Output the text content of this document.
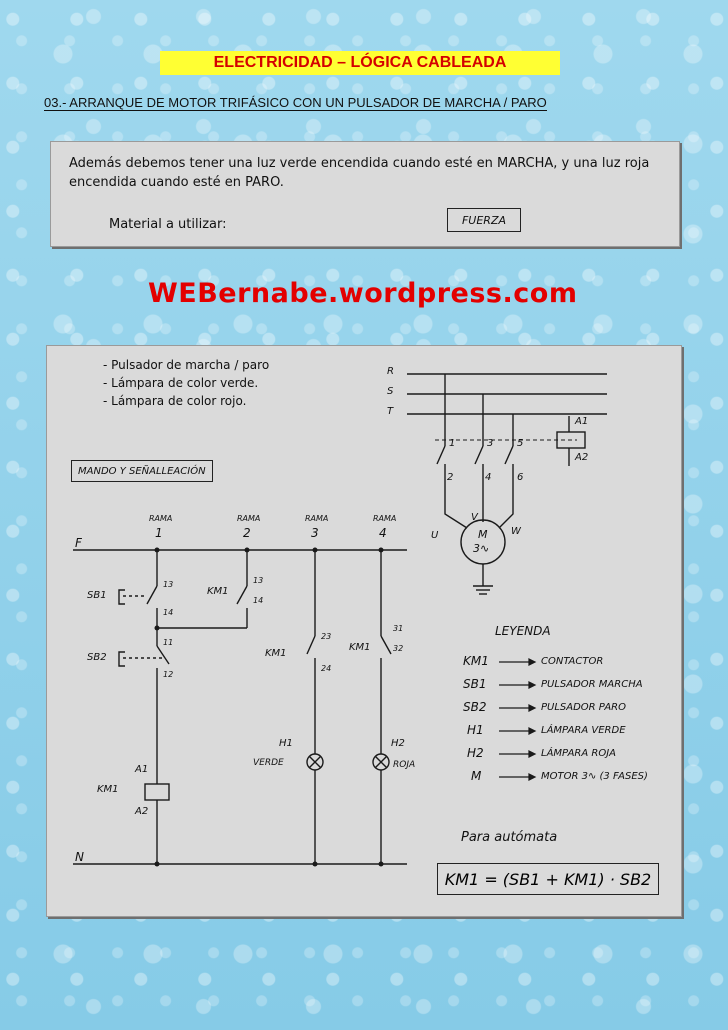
ELECTRICIDAD – LÓGICA CABLEADA
03.- ARRANQUE DE MOTOR TRIFÁSICO CON UN PULSADOR DE MARCHA / PARO
Además debemos tener una luz verde encendida cuando esté en MARCHA, y una luz roja
encendida cuando esté en PARO.
Material a utilizar:	FUERZA
WEBernabe.wordpress.com
- Pulsador de marcha / paro
- Lámpara de color verde.
- Lámpara de color rojo.
MANDO Y SEÑALLEACIÓN
R
S
T
1	3 5
2	4	6
A1
A2
U
V
W
M
3∿
F
N
RAMA
1
RAMA
2
RAMA
3
RAMA
4
SB1
13
14
KM1
13
14
SB2
11
12
KM1
23
24
KM1
31
32
H1
VERDE
H2
ROJA
KM1
A1
A2
LEYENDA
KM1	CONTACTOR
SB1	PULSADOR MARCHA
SB2	PULSADOR PARO
H1	LÁMPARA VERDE
H2	LÁMPARA ROJA
M	MOTOR 3∿ (3 FASES)
Para autómata
KM1 = (SB1 + KM1) · SB2
